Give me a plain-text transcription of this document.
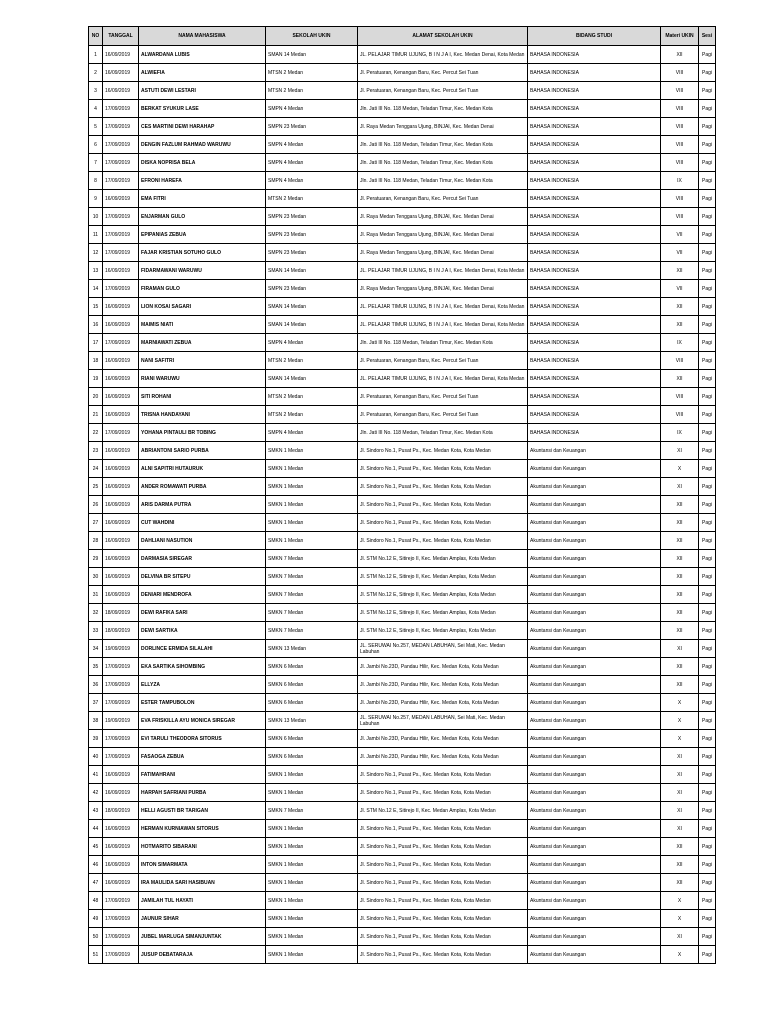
NO	TANGGAL	NAMA MAHASISWA	SEKOLAH UKIN	ALAMAT SEKOLAH UKIN	BIDANG STUDI	Materi UKIN	Sesi
1	16/09/2019	ALWARDANA LUBIS	SMAN 14 Medan	JL. PELAJAR TIMUR UJUNG, B I N J A I, Kec. Medan Denai, Kota Medan	BAHASA INDONESIA	XII	Pagi
2	16/09/2019	ALWIEFIA	MTSN 2 Medan	Jl. Peratuaran, Kenangan Baru, Kec. Percut Sei Tuan	BAHASA INDONESIA	VIII	Pagi
3	16/09/2019	ASTUTI DEWI LESTARI	MTSN 2 Medan	Jl. Peratuaran, Kenangan Baru, Kec. Percut Sei Tuan	BAHASA INDONESIA	VIII	Pagi
4	17/09/2019	BERKAT SYUKUR LASE	SMPN 4 Medan	Jln. Jati III No. 118 Medan, Teladan Timur, Kec. Medan Kota	BAHASA INDONESIA	VIII	Pagi
5	17/09/2019	CES MARTINI DEWI HARAHAP	SMPN 23 Medan	Jl. Raya Medan Tenggara Ujung, BINJAI, Kec. Medan Denai	BAHASA INDONESIA	VIII	Pagi
6	17/09/2019	DENGIN FAZLUM RAHMAD WARUWU	SMPN 4 Medan	Jln. Jati III No. 118 Medan, Teladan Timur, Kec. Medan Kota	BAHASA INDONESIA	VIII	Pagi
7	17/09/2019	DISKA NOPRISA BELA	SMPN 4 Medan	Jln. Jati III No. 118 Medan, Teladan Timur, Kec. Medan Kota	BAHASA INDONESIA	VIII	Pagi
8	17/09/2019	EFRONI HAREFA	SMPN 4 Medan	Jln. Jati III No. 118 Medan, Teladan Timur, Kec. Medan Kota	BAHASA INDONESIA	IX	Pagi
9	16/09/2019	EMA FITRI	MTSN 2 Medan	Jl. Peratuaran, Kenangan Baru, Kec. Percut Sei Tuan	BAHASA INDONESIA	VIII	Pagi
10	17/09/2019	ENJARMAN GULO	SMPN 23 Medan	Jl. Raya Medan Tenggara Ujung, BINJAI, Kec. Medan Denai	BAHASA INDONESIA	VIII	Pagi
11	17/09/2019	EPIPANIAS ZEBUA	SMPN 23 Medan	Jl. Raya Medan Tenggara Ujung, BINJAI, Kec. Medan Denai	BAHASA INDONESIA	VII	Pagi
12	17/09/2019	FAJAR KRISTIAN SOTUHO GULO	SMPN 23 Medan	Jl. Raya Medan Tenggara Ujung, BINJAI, Kec. Medan Denai	BAHASA INDONESIA	VII	Pagi
13	16/09/2019	FIDARMAWANI WARUWU	SMAN 14 Medan	JL. PELAJAR TIMUR UJUNG, B I N J A I, Kec. Medan Denai, Kota Medan	BAHASA INDONESIA	XII	Pagi
14	17/09/2019	FIRAMAN GULO	SMPN 23 Medan	Jl. Raya Medan Tenggara Ujung, BINJAI, Kec. Medan Denai	BAHASA INDONESIA	VII	Pagi
15	16/09/2019	LION KOSAI SAGARI	SMAN 14 Medan	JL. PELAJAR TIMUR UJUNG, B I N J A I, Kec. Medan Denai, Kota Medan	BAHASA INDONESIA	XII	Pagi
16	16/09/2019	MAIMIS NIATI	SMAN 14 Medan	JL. PELAJAR TIMUR UJUNG, B I N J A I, Kec. Medan Denai, Kota Medan	BAHASA INDONESIA	XII	Pagi
17	17/09/2019	MARNIAWATI ZEBUA	SMPN 4 Medan	Jln. Jati III No. 118 Medan, Teladan Timur, Kec. Medan Kota	BAHASA INDONESIA	IX	Pagi
18	16/09/2019	NANI SAFITRI	MTSN 2 Medan	Jl. Peratuaran, Kenangan Baru, Kec. Percut Sei Tuan	BAHASA INDONESIA	VIII	Pagi
19	16/09/2019	RIANI WARUWU	SMAN 14 Medan	JL. PELAJAR TIMUR UJUNG, B I N J A I, Kec. Medan Denai, Kota Medan	BAHASA INDONESIA	XII	Pagi
20	16/09/2019	SITI ROHANI	MTSN 2 Medan	Jl. Peratuaran, Kenangan Baru, Kec. Percut Sei Tuan	BAHASA INDONESIA	VIII	Pagi
21	16/09/2019	TRISNA HANDAYANI	MTSN 2 Medan	Jl. Peratuaran, Kenangan Baru, Kec. Percut Sei Tuan	BAHASA INDONESIA	VIII	Pagi
22	17/09/2019	YOHANA PINTAULI BR TOBING	SMPN 4 Medan	Jln. Jati III No. 118 Medan, Teladan Timur, Kec. Medan Kota	BAHASA INDONESIA	IX	Pagi
23	16/09/2019	ABRIANTONI SARIO PURBA	SMKN 1 Medan	Jl. Sindoro No.1, Pusat Ps., Kec. Medan Kota, Kota Medan	Akuntansi dan Keuangan	XI	Pagi
24	16/09/2019	ALNI SAPITRI HUTAURUK	SMKN 1 Medan	Jl. Sindoro No.1, Pusat Ps., Kec. Medan Kota, Kota Medan	Akuntansi dan Keuangan	X	Pagi
25	16/09/2019	ANDER ROMAWATI PURBA	SMKN 1 Medan	Jl. Sindoro No.1, Pusat Ps., Kec. Medan Kota, Kota Medan	Akuntansi dan Keuangan	XI	Pagi
26	16/09/2019	ARIS DARMA PUTRA	SMKN 1 Medan	Jl. Sindoro No.1, Pusat Ps., Kec. Medan Kota, Kota Medan	Akuntansi dan Keuangan	XII	Pagi
27	16/09/2019	CUT WAHDINI	SMKN 1 Medan	Jl. Sindoro No.1, Pusat Ps., Kec. Medan Kota, Kota Medan	Akuntansi dan Keuangan	XII	Pagi
28	16/09/2019	DAHLIANI NASUTION	SMKN 1 Medan	Jl. Sindoro No.1, Pusat Ps., Kec. Medan Kota, Kota Medan	Akuntansi dan Keuangan	XII	Pagi
29	16/09/2019	DARMASIA SIREGAR	SMKN 7 Medan	Jl. STM No.12 E, Sitirejo II, Kec. Medan Amplas, Kota Medan	Akuntansi dan Keuangan	XII	Pagi
30	16/09/2019	DELVINA BR SITEPU	SMKN 7 Medan	Jl. STM No.12 E, Sitirejo II, Kec. Medan Amplas, Kota Medan	Akuntansi dan Keuangan	XII	Pagi
31	16/09/2019	DENIARI MENDROFA	SMKN 7 Medan	Jl. STM No.12 E, Sitirejo II, Kec. Medan Amplas, Kota Medan	Akuntansi dan Keuangan	XII	Pagi
32	18/09/2019	DEWI RAFIKA SARI	SMKN 7 Medan	Jl. STM No.12 E, Sitirejo II, Kec. Medan Amplas, Kota Medan	Akuntansi dan Keuangan	XII	Pagi
33	18/09/2019	DEWI SARTIKA	SMKN 7 Medan	Jl. STM No.12 E, Sitirejo II, Kec. Medan Amplas, Kota Medan	Akuntansi dan Keuangan	XII	Pagi
34	19/09/2019	DORLINCE ERMIDA SILALAHI	SMKN 13 Medan	JL. SERUWAI No.257, MEDAN LABUHAN, Sei Mati, Kec. Medan Labuhan	Akuntansi dan Keuangan	XI	Pagi
35	17/09/2019	EKA SARTIKA SIHOMBING	SMKN 6 Medan	Jl. Jambi No.23D, Pandau Hilir, Kec. Medan Kota, Kota Medan	Akuntansi dan Keuangan	XII	Pagi
36	17/09/2019	ELLYZA	SMKN 6 Medan	Jl. Jambi No.23D, Pandau Hilir, Kec. Medan Kota, Kota Medan	Akuntansi dan Keuangan	XII	Pagi
37	17/09/2019	ESTER TAMPUBOLON	SMKN 6 Medan	Jl. Jambi No.23D, Pandau Hilir, Kec. Medan Kota, Kota Medan	Akuntansi dan Keuangan	X	Pagi
38	19/09/2019	EVA FRISKILLA AYU MONICA SIREGAR	SMKN 13 Medan	JL. SERUWAI No.257, MEDAN LABUHAN, Sei Mati, Kec. Medan Labuhan	Akuntansi dan Keuangan	X	Pagi
39	17/09/2019	EVI TARULI THEODORA SITORUS	SMKN 6 Medan	Jl. Jambi No.23D, Pandau Hilir, Kec. Medan Kota, Kota Medan	Akuntansi dan Keuangan	X	Pagi
40	17/09/2019	FASAOGA ZEBUA	SMKN 6 Medan	Jl. Jambi No.23D, Pandau Hilir, Kec. Medan Kota, Kota Medan	Akuntansi dan Keuangan	XI	Pagi
41	16/09/2019	FATIMAHRANI	SMKN 1 Medan	Jl. Sindoro No.1, Pusat Ps., Kec. Medan Kota, Kota Medan	Akuntansi dan Keuangan	XI	Pagi
42	16/09/2019	HARPAH SAFRIANI PURBA	SMKN 1 Medan	Jl. Sindoro No.1, Pusat Ps., Kec. Medan Kota, Kota Medan	Akuntansi dan Keuangan	XI	Pagi
43	18/09/2019	HELLI AGUSTI BR TARIGAN	SMKN 7 Medan	Jl. STM No.12 E, Sitirejo II, Kec. Medan Amplas, Kota Medan	Akuntansi dan Keuangan	XI	Pagi
44	16/09/2019	HERMAN KURNIAWAN SITORUS	SMKN 1 Medan	Jl. Sindoro No.1, Pusat Ps., Kec. Medan Kota, Kota Medan	Akuntansi dan Keuangan	XI	Pagi
45	16/09/2019	HOTMARITO SIBARANI	SMKN 1 Medan	Jl. Sindoro No.1, Pusat Ps., Kec. Medan Kota, Kota Medan	Akuntansi dan Keuangan	XII	Pagi
46	16/09/2019	INTON SIMARMATA	SMKN 1 Medan	Jl. Sindoro No.1, Pusat Ps., Kec. Medan Kota, Kota Medan	Akuntansi dan Keuangan	XII	Pagi
47	16/09/2019	IRA MAULIDA SARI HASIBUAN	SMKN 1 Medan	Jl. Sindoro No.1, Pusat Ps., Kec. Medan Kota, Kota Medan	Akuntansi dan Keuangan	XII	Pagi
48	17/09/2019	JAMILAH TUL HAYATI	SMKN 1 Medan	Jl. Sindoro No.1, Pusat Ps., Kec. Medan Kota, Kota Medan	Akuntansi dan Keuangan	X	Pagi
49	17/09/2019	JAUNUR SIHAR	SMKN 1 Medan	Jl. Sindoro No.1, Pusat Ps., Kec. Medan Kota, Kota Medan	Akuntansi dan Keuangan	X	Pagi
50	17/09/2019	JUBEL MARLUGA SIMANJUNTAK	SMKN 1 Medan	Jl. Sindoro No.1, Pusat Ps., Kec. Medan Kota, Kota Medan	Akuntansi dan Keuangan	XI	Pagi
51	17/09/2019	JUSUP DEBATARAJA	SMKN 1 Medan	Jl. Sindoro No.1, Pusat Ps., Kec. Medan Kota, Kota Medan	Akuntansi dan Keuangan	X	Pagi
